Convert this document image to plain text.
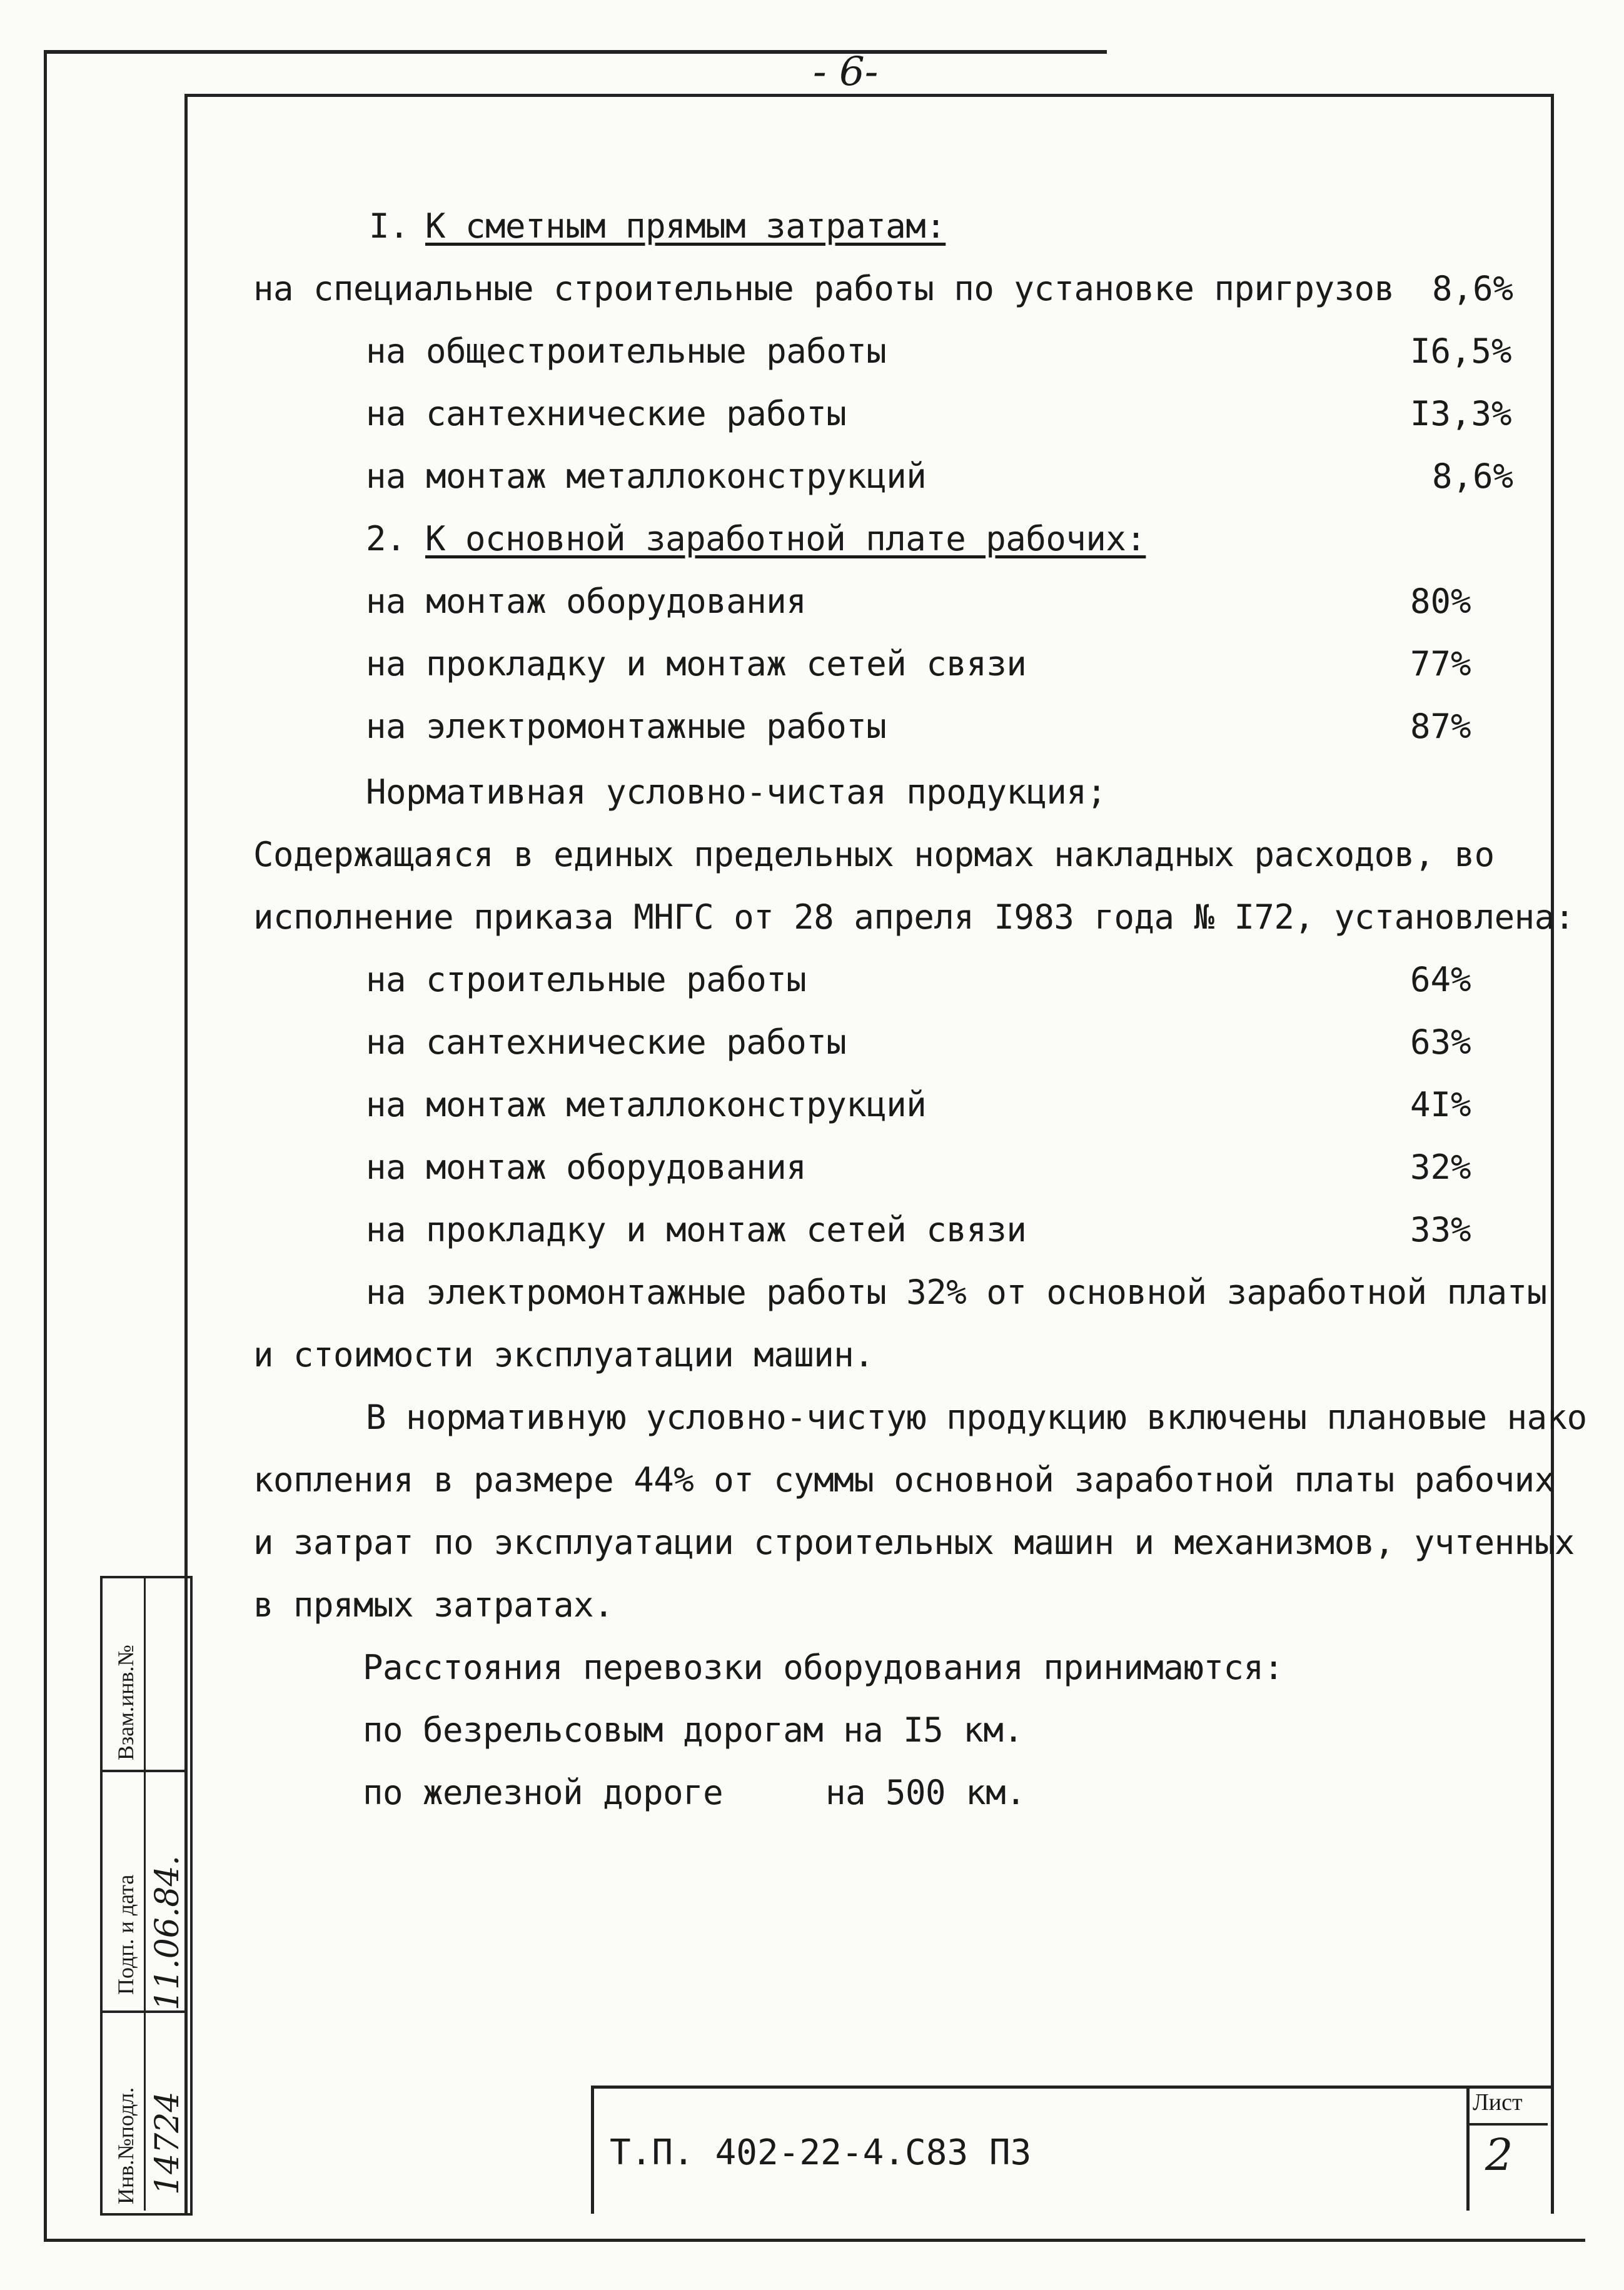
- 6-
I. К сметным прямым затратам:
на специальные строительные работы по установке пригрузов 8,6%
на общестроительные работы	I6,5%
на сантехнические работы	I3,3%
на монтаж металлоконструкций	8,6%
2. К основной заработной плате рабочих:
на монтаж оборудования	80%
на прокладку и монтаж сетей связи	77%
на электромонтажные работы	87%
Нормативная условно-чистая продукция;
Содержащаяся в единых предельных нормах накладных расходов, во
исполнение приказа МНГС от 28 апреля I983 года № I72, установлена:
на строительные работы	64%
на сантехнические работы	63%
на монтаж металлоконструкций	4I%
на монтаж оборудования	32%
на прокладку и монтаж сетей связи	33%
на электромонтажные работы 32% от основной заработной платы
и стоимости эксплуатации машин.
В нормативную условно-чистую продукцию включены плановые нако
копления в размере 44% от суммы основной заработной платы рабочих
и затрат по эксплуатации строительных машин и механизмов, учтенных
в прямых затратах.
Расстояния перевозки оборудования принимаются:
по безрельсовым дорогам на I5 км.
по железной дороге	на 500 км.
Взам.инв.№
Подп. и дата 11.06.84.
Инв.№подл. 14724	Т.П. 402-22-4.С83 ПЗ
Лист
2
